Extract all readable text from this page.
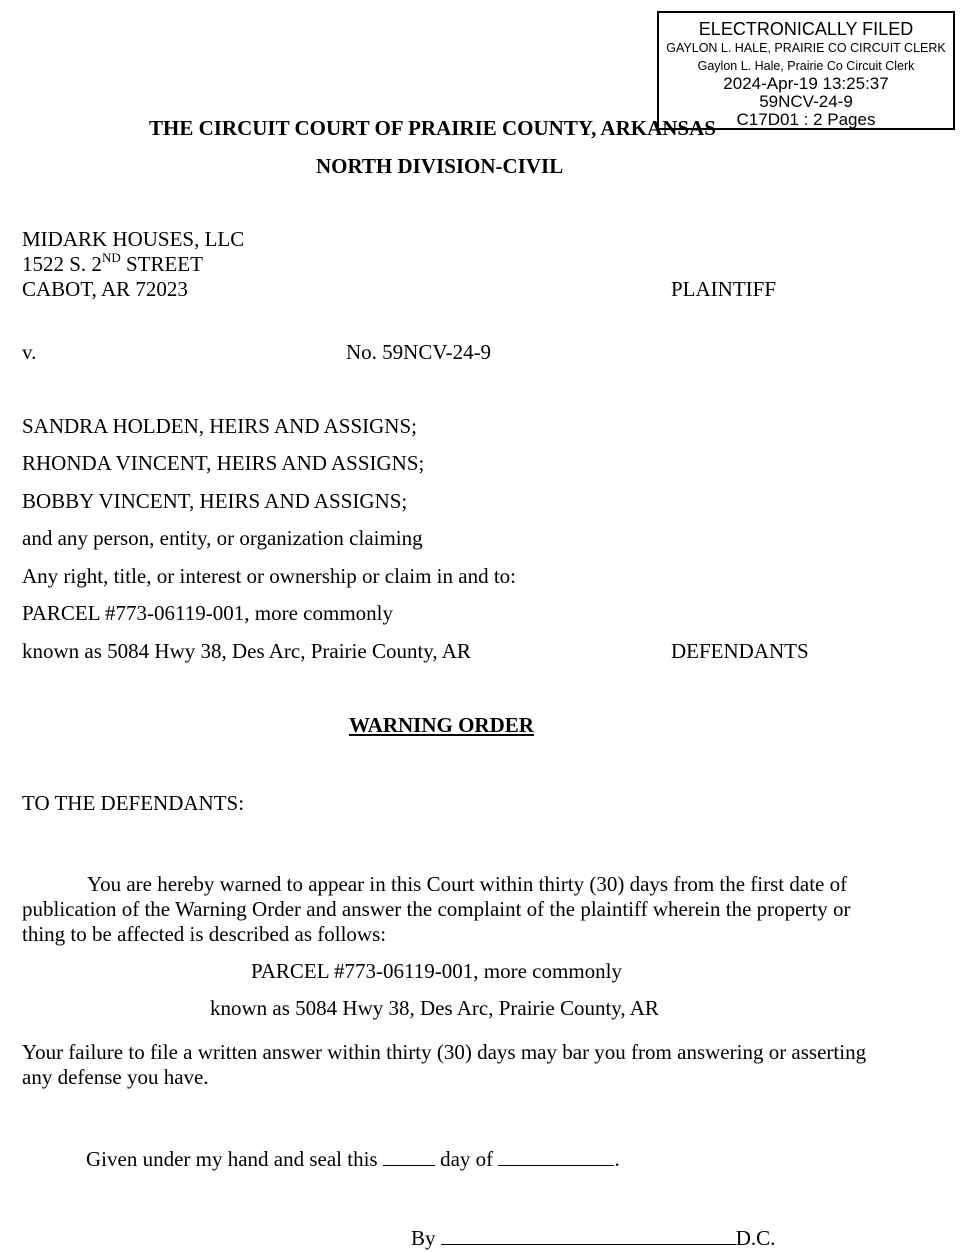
ELECTRONICALLY FILED
GAYLON L. HALE, PRAIRIE CO CIRCUIT CLERK
Gaylon L. Hale, Prairie Co Circuit Clerk
2024-Apr-19 13:25:37
59NCV-24-9
C17D01 : 2 Pages
THE CIRCUIT COURT OF PRAIRIE COUNTY, ARKANSAS
NORTH DIVISION-CIVIL
MIDARK HOUSES, LLC
1522 S. 2ND STREET
CABOT, AR 72023	PLAINTIFF
v.	No. 59NCV-24-9
SANDRA HOLDEN, HEIRS AND ASSIGNS;
RHONDA VINCENT, HEIRS AND ASSIGNS;
BOBBY VINCENT, HEIRS AND ASSIGNS;
and any person, entity, or organization claiming
Any right, title, or interest or ownership or claim in and to:
PARCEL #773-06119-001, more commonly
known as 5084 Hwy 38, Des Arc, Prairie County, AR	DEFENDANTS
WARNING ORDER
TO THE DEFENDANTS:
You are hereby warned to appear in this Court within thirty (30) days from the first date of publication of the Warning Order and answer the complaint of the plaintiff wherein the property or thing to be affected is described as follows:
PARCEL #773-06119-001, more commonly
known as 5084 Hwy 38, Des Arc, Prairie County, AR
Your failure to file a written answer within thirty (30) days may bar you from answering or asserting any defense you have.
Given under my hand and seal this	day of	.
By	D.C.
